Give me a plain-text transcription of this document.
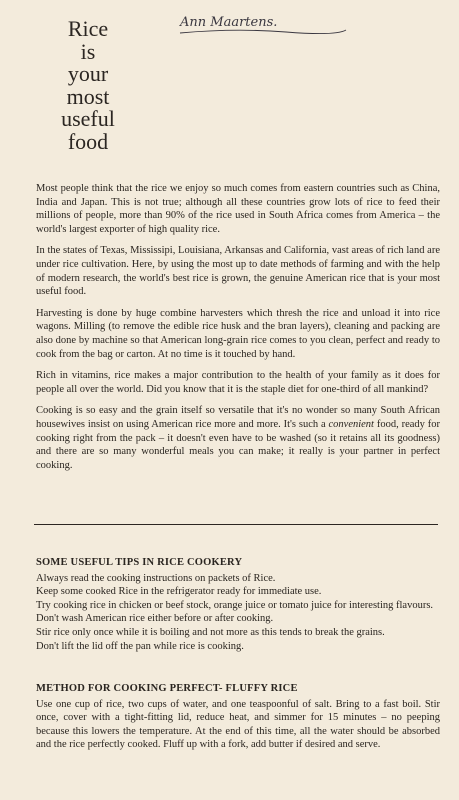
Ann Maartens.
Rice
is
your
most
useful
food

Most people think that the rice we enjoy so much comes from eastern countries such as China, India and Japan. This is not true; although all these countries grow lots of rice to feed their millions of people, more than 90% of the rice used in South Africa comes from America – the world's largest exporter of high quality rice.

In the states of Texas, Mississipi, Louisiana, Arkansas and California, vast areas of rich land are under rice cultivation. Here, by using the most up to date methods of farming and with the help of modern research, the world's best rice is grown, the genuine American rice that is your most useful food.

Harvesting is done by huge combine harvesters which thresh the rice and unload it into rice wagons. Milling (to remove the edible rice husk and the bran layers), cleaning and packing are also done by machine so that American long-grain rice comes to you clean, perfect and ready to cook from the bag or carton. At no time is it touched by hand.

Rich in vitamins, rice makes a major contribution to the health of your family as it does for people all over the world. Did you know that it is the staple diet for one-third of all mankind?

Cooking is so easy and the grain itself so versatile that it's no wonder so many South African housewives insist on using American rice more and more. It's such a convenient food, ready for cooking right from the pack – it doesn't even have to be washed (so it retains all its goodness) and there are so many wonderful meals you can make; it really is your partner in perfect cooking.

SOME USEFUL TIPS IN RICE COOKERY

Always read the cooking instructions on packets of Rice.

Keep some cooked Rice in the refrigerator ready for immediate use.

Try cooking rice in chicken or beef stock, orange juice or tomato juice for interesting flavours.

Don't wash American rice either before or after cooking.

Stir rice only once while it is boiling and not more as this tends to break the grains.

Don't lift the lid off the pan while rice is cooking.

METHOD FOR COOKING PERFECT- FLUFFY RICE

Use one cup of rice, two cups of water, and one teaspoonful of salt. Bring to a fast boil. Stir once, cover with a tight-fitting lid, reduce heat, and simmer for 15 minutes – no peeping because this lowers the temperature. At the end of this time, all the water should be absorbed and the rice perfectly cooked. Fluff up with a fork, add butter if desired and serve.
